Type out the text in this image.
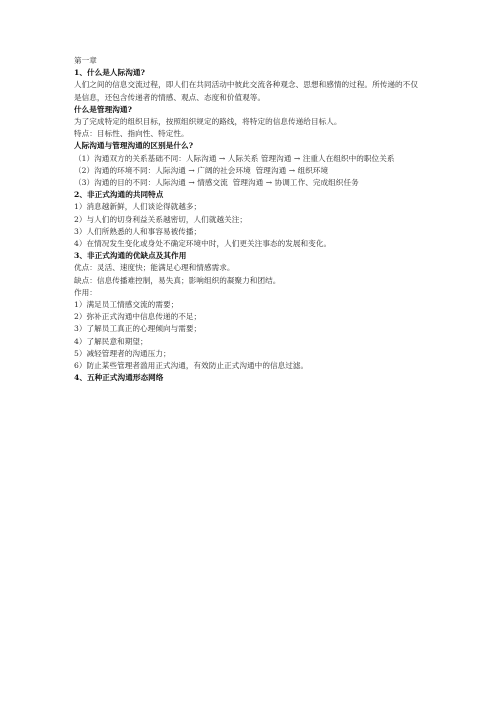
第一章
1、什么是人际沟通?
人们之间的信息交流过程，即人们在共同活动中彼此交流各种观念、思想和感情的过程。所传递的不仅是信息，还包含传递者的情感、观点、态度和价值观等。
什么是管理沟通?
为了完成特定的组织目标，按照组织规定的路线，将特定的信息传递给目标人。
特点：目标性、指向性、特定性。
人际沟通与管理沟通的区别是什么?
（1）沟通双方的关系基础不同：人际沟通 → 人际关系 管理沟通 → 注重人在组织中的职位关系
（2）沟通的环境不同：人际沟通 → 广阔的社会环境  管理沟通 → 组织环境
（3）沟通的目的不同：人际沟通 → 情感交流  管理沟通 → 协调工作、完成组织任务
2、非正式沟通的共同特点
1）消息越新鲜，人们谈论得就越多；
2）与人们的切身利益关系越密切，人们就越关注；
3）人们所熟悉的人和事容易被传播；
4）在情况发生变化或身处不确定环境中时，人们更关注事态的发展和变化。
3、非正式沟通的优缺点及其作用
优点：灵活、速度快；能满足心理和情感需求。
缺点：信息传播难控制，易失真；影响组织的凝聚力和团结。
作用：
1）满足员工情感交流的需要；
2）弥补正式沟通中信息传递的不足；
3）了解员工真正的心理倾向与需要；
4）了解民意和期望；
5）减轻管理者的沟通压力；
6）防止某些管理者滥用正式沟通，有效防止正式沟通中的信息过滤。
4、五种正式沟通形态网络
